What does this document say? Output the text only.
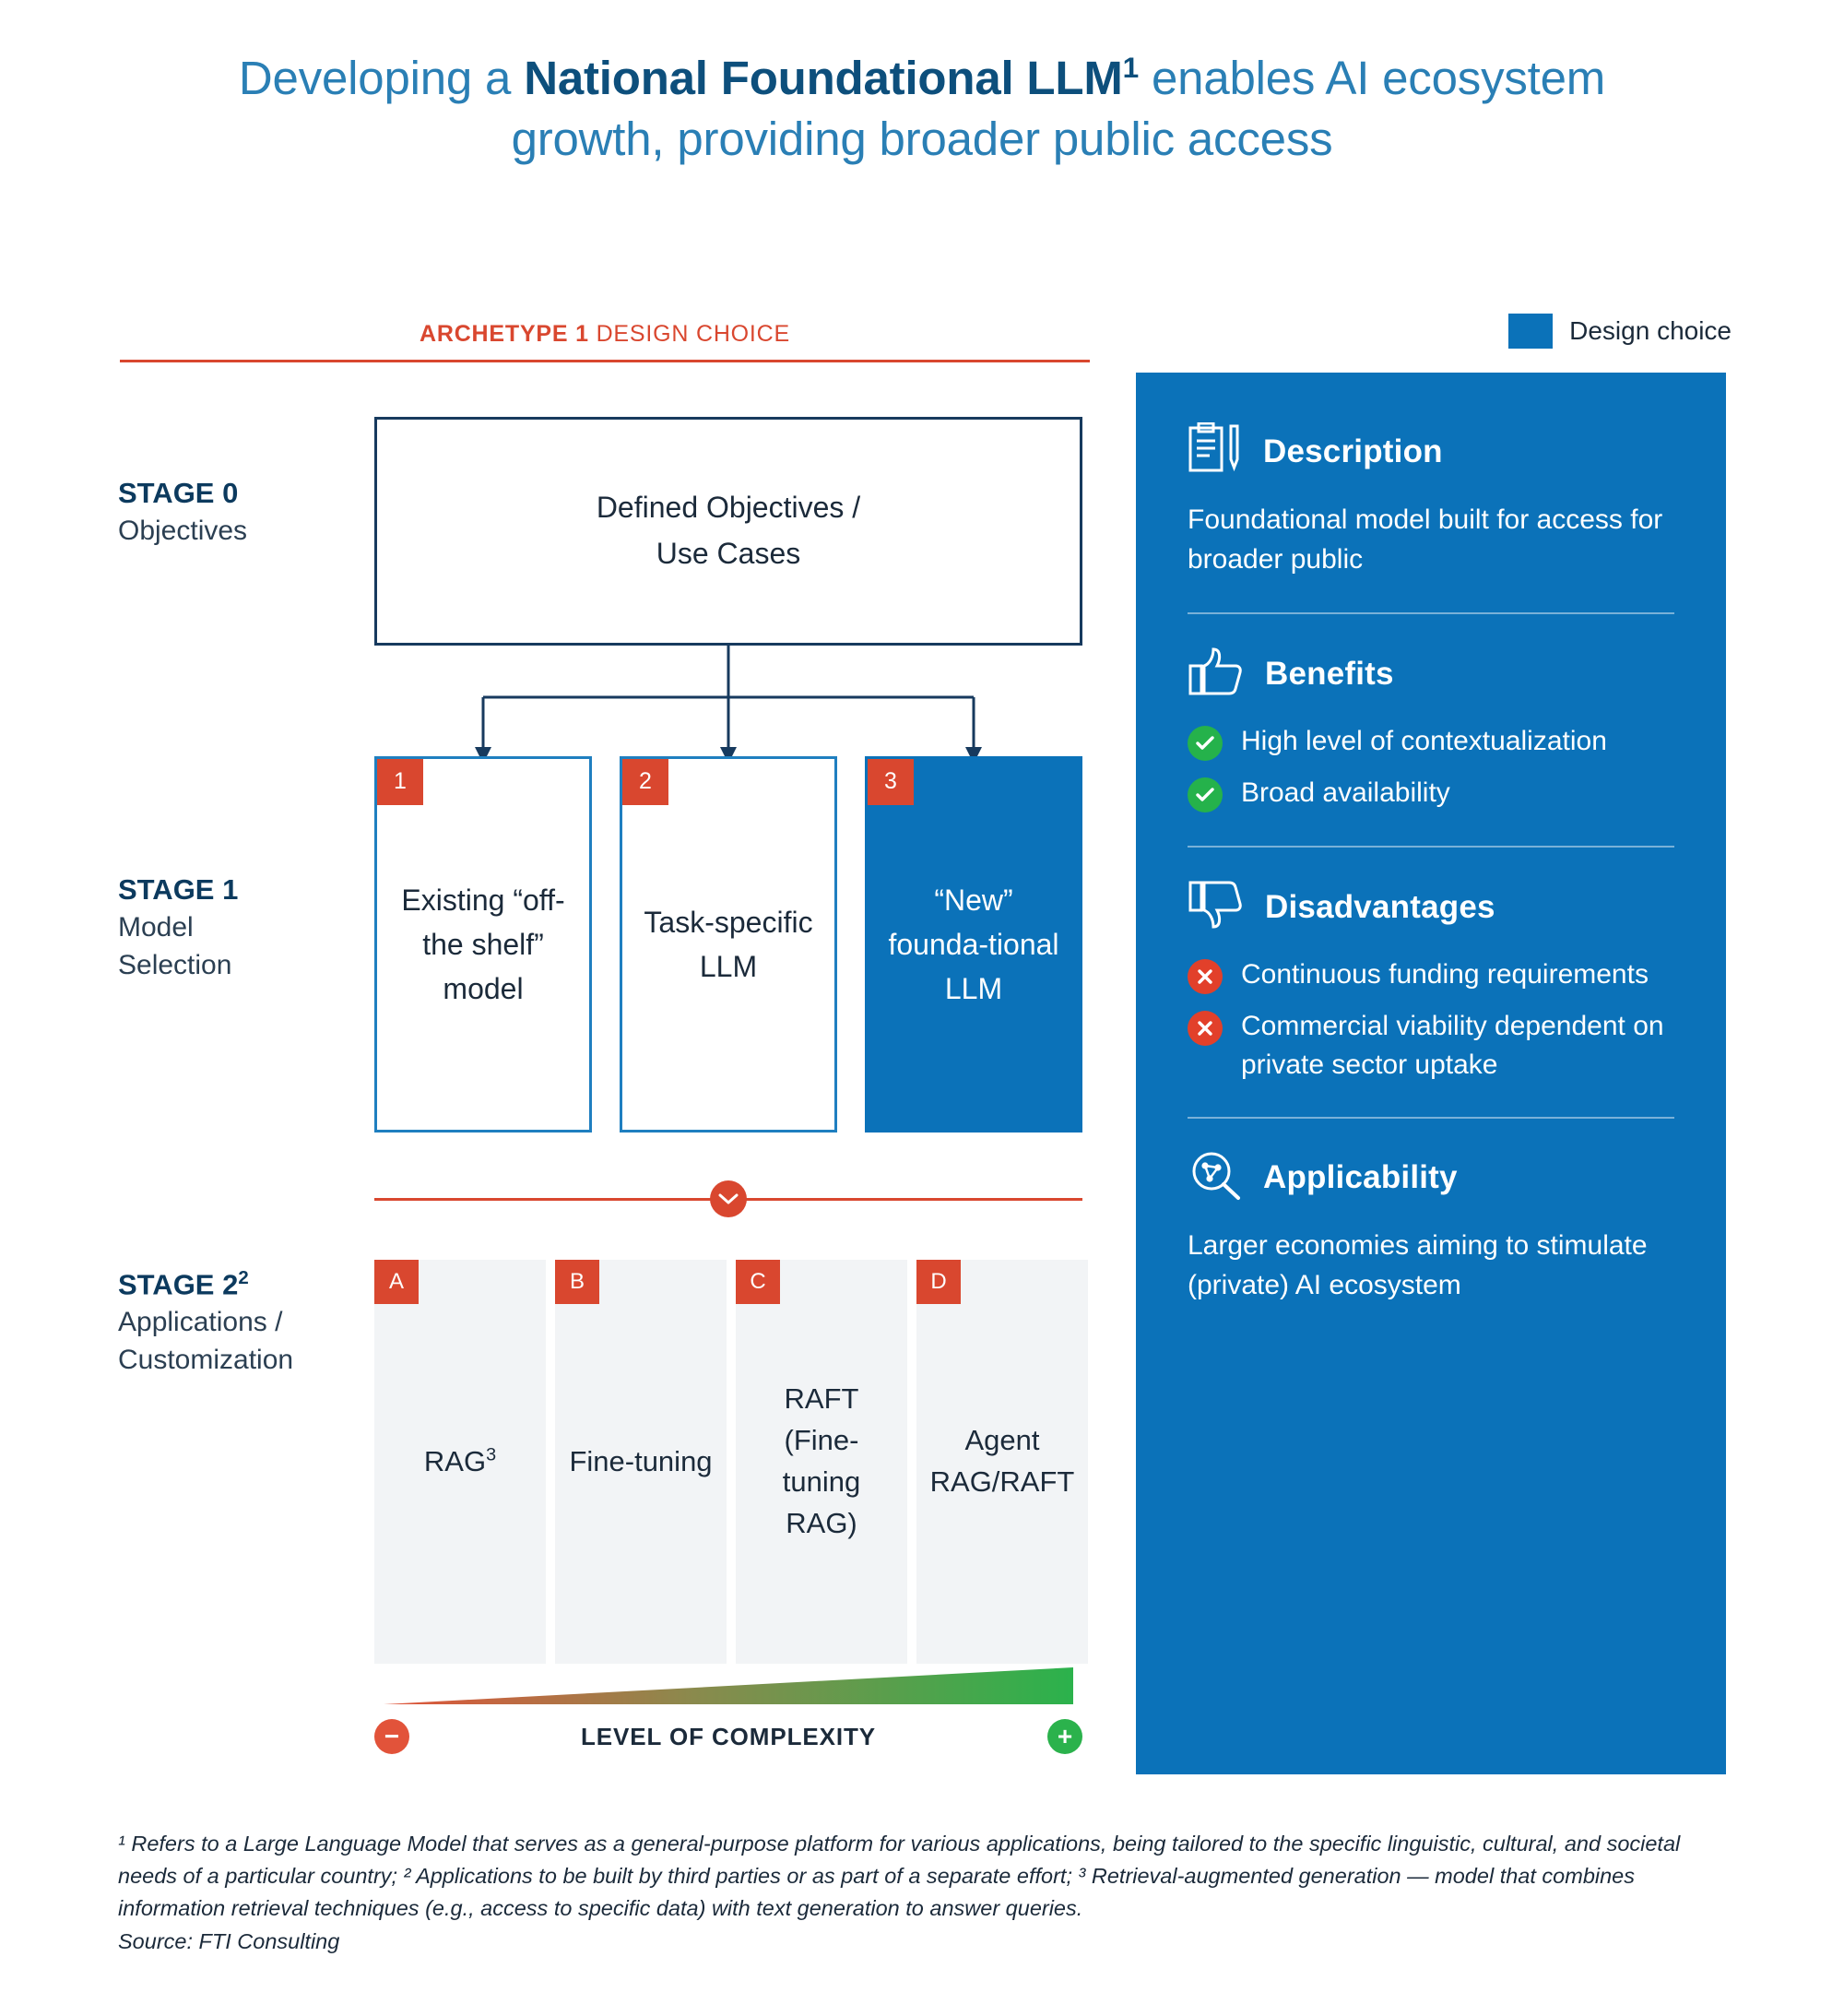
Developing a National Foundational LLM$^1$ enables AI ecosystem growth, providing broader public access
ARCHETYPE 1 DESIGN CHOICE	Design choice
STAGE 0
Objectives
STAGE 1
Model
Selection
STAGE $2^2$
Applications /
Customization
Defined Objectives /
Use Cases
1
Existing “off-the shelf” model
2
Task-specific LLM
3
“New” founda-tional LLM
A
RAG$^3$
B
Fine-tuning
C
RAFT (Fine-tuning RAG)
D
Agent RAG/RAFT
−	+
LEVEL OF COMPLEXITY
Description
Foundational model built for access for broader public
Benefits
High level of contextualization
Broad availability
Disadvantages
Continuous funding requirements
Commercial viability dependent on private sector uptake
Applicability
Larger economies aiming to stimulate (private) AI ecosystem
¹ Refers to a Large Language Model that serves as a general-purpose platform for various applications, being tailored to the specific linguistic, cultural, and societal needs of a particular country; ² Applications to be built by third parties or as part of a separate effort; ³ Retrieval-augmented generation — model that combines information retrieval techniques (e.g., access to specific data) with text generation to answer queries.
Source: FTI Consulting
